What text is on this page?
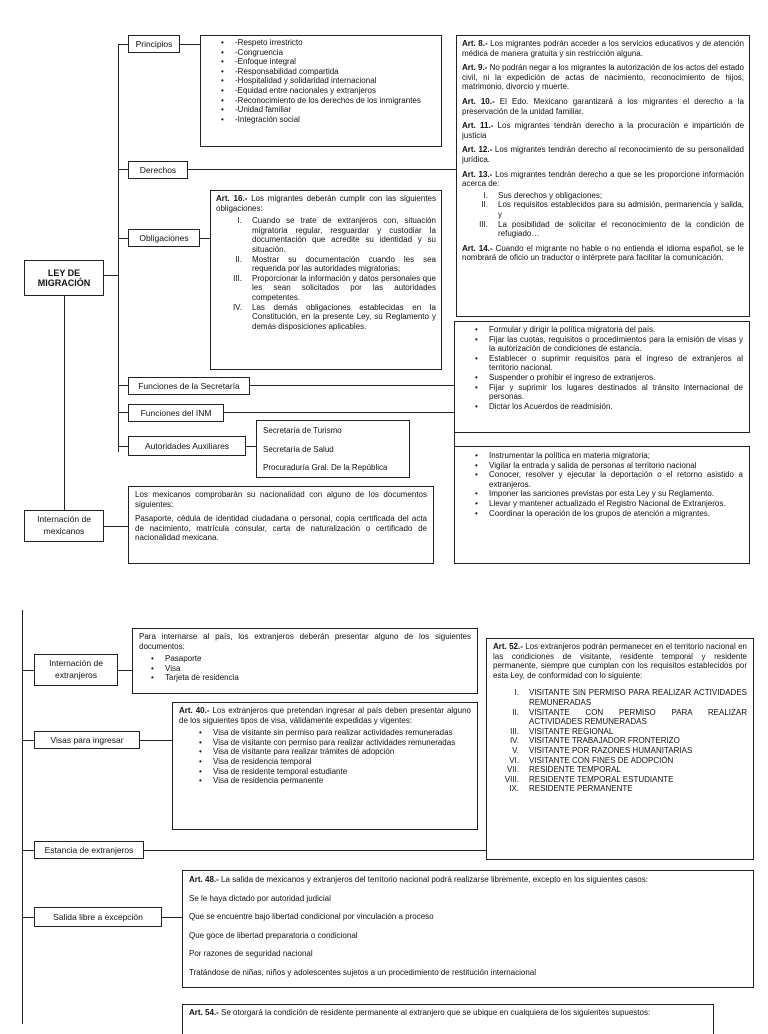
LEY DE MIGRACIÓN
Principios	• -Respeto irrestricto
• -Congruencia
• -Enfoque integral
• -Responsabilidad compartida
• -Hospitalidad y solidaridad internacional
• -Equidad entre nacionales y extranjeros
• -Reconocimiento de los derechos de los inmigrantes
• -Unidad familiar
• -Integración social
Derechos

Art. 8.- Los migrantes podrán acceder a los servicios educativos y de atención médica de manera gratuita y sin restricción alguna.

Art. 9.- No podrán negar a los migrantes la autorización de los actos del estado civil, ni la expedición de actas de nacimiento, reconocimiento de hijos, matrimonio, divorcio y muerte.

Art. 10.- El Edo. Mexicano garantizará a los migrantes el derecho a la preservación de la unidad familiar.

Art. 11.- Los migrantes tendrán derecho a la procuración e impartición de justicia

Art. 12.- Los migrantes tendrán derecho al reconocimiento de su personalidad jurídica.

Art. 13.- Los migrantes tendrán derecho a que se les proporcione información acerca de:

I.	Sus derechos y obligaciones;
II.	Los requisitos establecidos para su admisión, permanencia y salida, y
III.	La posibilidad de solicitar el reconocimiento de la condición de refugiado…

Art. 14.- Cuando el migrante no hable o no entienda el idioma español, se le nombrará de oficio un traductor o intérprete para facilitar la comunicación.

Obligaciones

Art. 16.- Los migrantes deberán cumplir con las siguientes obligaciones:

I.	Cuando se trate de extranjeros con, situación migratoria regular, resguardar y custodiar la documentación que acredite su identidad y su situación.
II.	Mostrar su documentación cuando les sea requerida por las autoridades migratorias;
III.	Proporcionar la información y datos personales que les sean solicitados por las autoridades competentes.
IV.	Las demás obligaciones establecidas en la Constitución, en la presente Ley, su Reglamento y demás disposiciones aplicables.	• Formular y dirigir la política migratoria del país.
• Fijar las cuotas, requisitos o procedimientos para la emisión de visas y la autorización de condiciones de estancia.
• Establecer o suprimir requisitos para el ingreso de extranjeros al territorio nacional.
• Suspender o prohibir el ingreso de extranjeros.
• Fijar y suprimir los lugares destinados al tránsito internacional de personas.
• Dictar los Acuerdos de readmisión.
Funciones de la Secretaría
Funciones del INM
Autoridades Auxiliares
Secretaría de Turismo
Secretaría de Salud
Procuraduría Gral. De la República
• Instrumentar la política en materia migratoria;
• Vigilar la entrada y salida de personas al territorio nacional
• Conocer, resolver y ejecutar la deportación o el retorno asistido a extranjeros.
• Imponer las sanciones previstas por esta Ley y su Reglamento.
• Llevar y mantener actualizado el Registro Nacional de Extranjeros.
• Coordinar la operación de los grupos de atención a migrantes.
Internación de mexicanos

Los mexicanos comprobarán su nacionalidad con alguno de los documentos siguientes:

Pasaporte, cédula de identidad ciudadana o personal, copia certificada del acta de nacimiento, matrícula consular, carta de naturalización o certificado de nacionalidad mexicana.

Para internarse al país, los extranjeros deberán presentar alguno de los siguientes documentos:

• Pasaporte
• Visa
• Tarjeta de residencia
Internación de extranjeros

Art. 52.- Los extranjeros podrán permanecer en el territorio nacional en las condiciones de visitante, residente temporal y residente permanente, siempre que cumplan con los requisitos establecidos por esta Ley, de conformidad con lo siguiente:

I.	VISITANTE SIN PERMISO PARA REALIZAR ACTIVIDADES REMUNERADAS
II.	VISITANTE CON PERMISO PARA REALIZAR ACTIVIDADES REMUNERADAS
III.	VISITANTE REGIONAL
IV.	VISITANTE TRABAJADOR FRONTERIZO
V.	VISITANTE POR RAZONES HUMANITARIAS
VI.	VISITANTE CON FINES DE ADOPCIÓN
VII.	RESIDENTE TEMPORAL
VIII.	RESIDENTE TEMPORAL ESTUDIANTE
IX.	RESIDENTE PERMANENTE

Art. 40.- Los extranjeros que pretendan ingresar al país deben presentar alguno de los siguientes tipos de visa, válidamente expedidas y vigentes:

• Visa de visitante sin permiso para realizar actividades remuneradas
• Visa de visitante con permiso para realizar actividades remuneradas
• Visa de visitante para realizar trámites de adopción
• Visa de residencia temporal
• Visa de residente temporal estudiante
• Visa de residencia permanente
Visas para ingresar
Estancia de extranjeros

Art. 48.- La salida de mexicanos y extranjeros del territorio nacional podrá realizarse libremente, excepto en los siguientes casos:

Se le haya dictado por autoridad judicial

Que se encuentre bajo libertad condicional por vinculación a proceso

Que goce de libertad preparatoria o condicional

Por razones de seguridad nacional

Tratándose de niñas, niños y adolescentes sujetos a un procedimiento de restitución internacional

Salida libre a excepción

Art. 54.- Se otorgará la condición de residente permanente al extranjero que se ubique en cualquiera de los siguientes supuestos:
